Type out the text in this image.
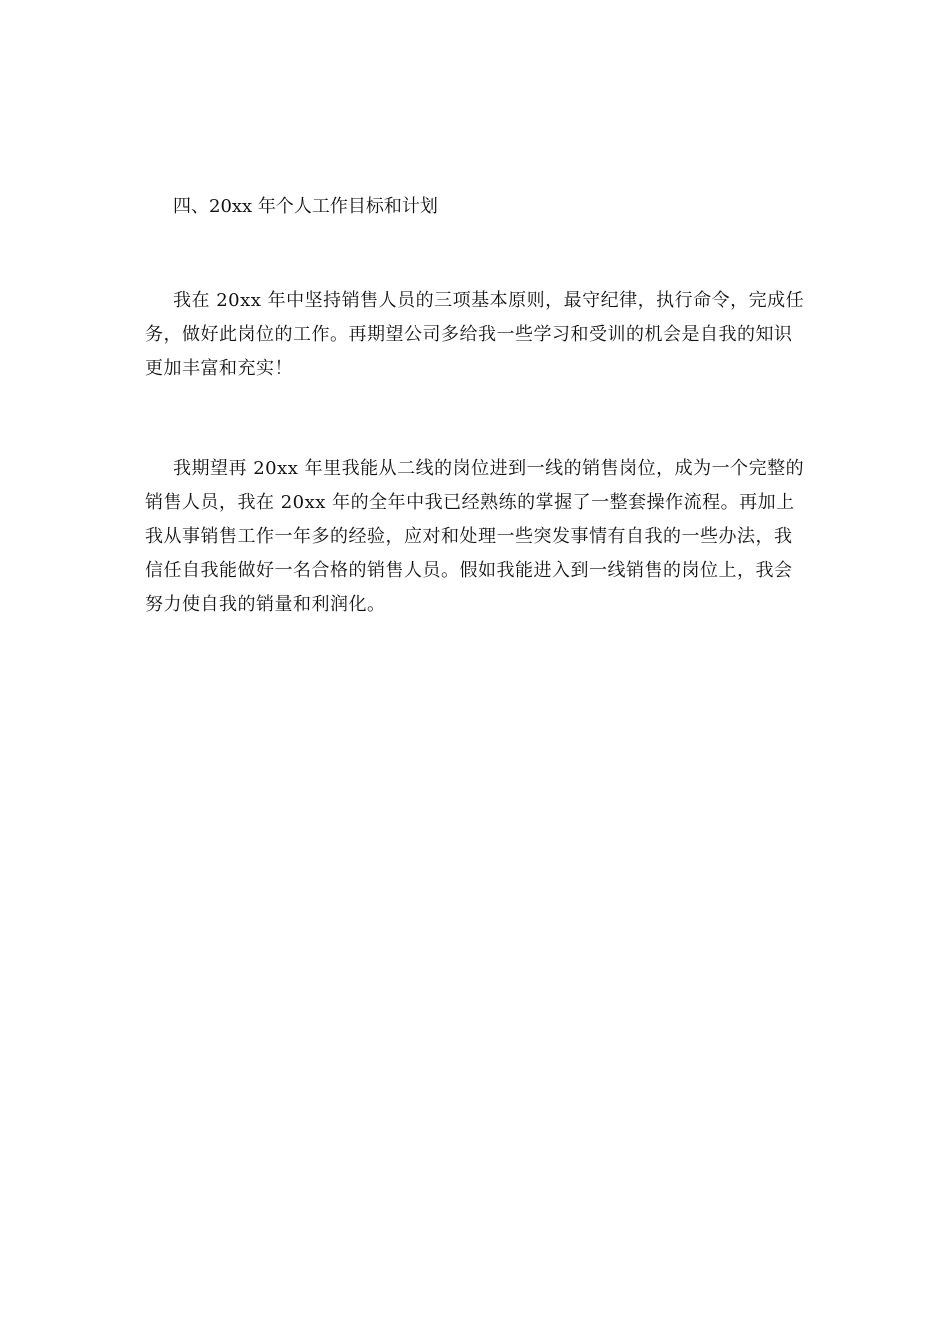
四、20xx 年个人工作目标和计划

我在 20xx 年中坚持销售人员的三项基本原则，最守纪律，执行命令，完成任务，做好此岗位的工作。再期望公司多给我一些学习和受训的机会是自我的知识更加丰富和充实！

我期望再 20xx 年里我能从二线的岗位进到一线的销售岗位，成为一个完整的销售人员，我在 20xx 年的全年中我已经熟练的掌握了一整套操作流程。再加上我从事销售工作一年多的经验，应对和处理一些突发事情有自我的一些办法，我信任自我能做好一名合格的销售人员。假如我能进入到一线销售的岗位上，我会努力使自我的销量和利润化。
